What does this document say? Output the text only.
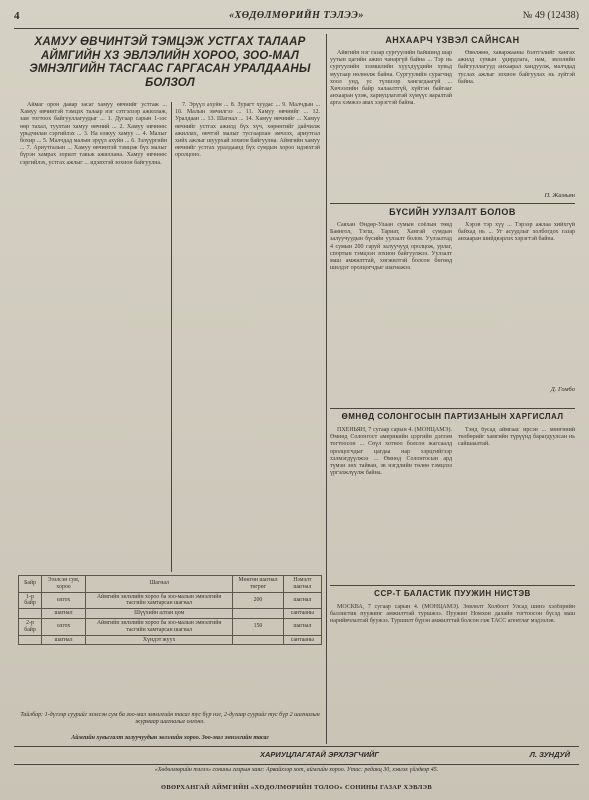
4	«ХӨДӨЛМӨРИЙН ТЭЛЭЭ»	№ 49 (12438)
ХАМУУ ӨВЧИНТЭЙ ТЭМЦЭЖ УСТГАХ ТАЛААР АЙМГИЙН ХЗ ЭВЛЭЛИЙН ХОРОО, ЗОО-МАЛ ЭМНЭЛГИЙН ТАСГААС ГАРГАСАН УРАЛДААНЫ БОЛЗОЛ

Аймаг орон даяар засаг хамуу өвчнийг устгаж ... Хамуу өвчинтэй тэмцэх талаар нэг сэтгэлээр ажиллаж, зам тогтоох байгууллагуудыг ... 1. Дугаар сарын 1-ээс өөр тахал, туултан хамуу өвчний ... 2. Хамуу өвчнөөс урьдчилан сэргийлэх ... 3. На елжуу хамуу ... 4. Малыг бохир ... 5. Малчдад малын эрүүл ахуйн ... 6. Зэлүүргийн ... 7. Ариутгалын ... Хамуу өвчинтэй тэмцэж бүх малыг бүрэн хамрах зорилт тавьж ажиллана. Хамуу өвчнөөс сэргийлэх, устгах ажлыг ... идэвхтэй зохион байгуулна.

7. Эрүүл ахуйн ... 8. Зурагт хуудас ... 9. Малчдын ... 10. Малын эмчилгээ ... 11. Хамуу өвчнийг ... 12. Уралдаан ... 13. Шагнал ... 14. Хамуу өвчнийг ... Хамуу өвчнийг устгах ажилд бүх хүч, хөрөнгийг дайчилж ажиллах, өвчтэй малыг тусгаарлан эмчлэх, ариутгал хийх ажлыг шуурхай зохион байгуулна. Аймгийн хамуу өвчнийг устгах уралдаанд бүх сумдын хороо идэвхтэй оролцоно.

Байр	Эзэлсэн сум, хороо	Шагнал	Мөнгөн шагнал төгрөг	Нэмэлт шагнал
1-р байр	олгох	Аймгийн эвлэлийн хороо ба зоо-малын эмнэлгийн тасгийн хамтарсан шагнал	200	шагнал
	шагнал	Шүүхийн алтан цом		сантааны
2-р байр	олгох	Аймгийн эвлэлийн хороо ба зоо-малын эмнэлгийн тасгийн хамтарсан шагнал	150	шагнал
	шагнал	Хүндэт жуух		сантааны
Тайлбар: 1-дүгээр суурийг эзэлсэн сум ба зоо-мал эмнэлгийн тасаг тус бүр нэг, 2-дугаар суурийг тус бүр 2 шагналын журмаар шагналыг олгоно.
Аймгийн хувьсгалт залуучуудын эвлэлийн хороо. Зоо-мал эмнэлгийн тасаг
АНХААРЧ ҮЗВЭЛ САЙНСАН

Айвгийн нэг газар сургуулийн байшинд шар уутын цагийн ажил чанаргүй байна ... Тэр нь сургуулийн эзэмшлийн хүүхдүүдийн хувьд муугаар нөлөөлж байна. Сургуулийн сурагчид хоол унд, ус түлшээр хангагдаагүй ... Хичээлийн байр халаалтгүй, хүйтэн байгааг анхааран үзэж, хариуцлагатай хүмүүс яаралтай арга хэмжээ авах хэрэгтэй байна.

Өвөлжөө, хаваржааны бэлтгэлийг хангах ажилд сумын удирдлага, нам, эвлэлийн байгууллагууд анхаарал хандуулж, малчдад туслах ажлыг зохион байгуулах нь зүйтэй байна.

П. Жамьян
БҮСИЙН УУЛЗАЛТ БОЛОВ

Саяхан Өндөр-Улаан сумын соёлын төвд Баянгол, Тэгш, Тариат, Хангай сумдын залуучуудын бүсийн уулзалт болов. Уулзалтад 4 сумын 200 гаруй залуучууд оролцож, урлаг, спортын тэмцээн зохион байгуулжээ. Уулзалт маш амжилттай, хөгжилтэй болсон бөгөөд шилдэг оролцогчдыг шагнажээ.

Хэрэв тэр хүү ... Тэрээр ажлаа хийхгүй байхад нь ... Уг асуудлыг холбогдох газар анхааран шийдвэрлэх хэрэгтэй байна.

Д. Гомбо
ӨМНӨД СОЛОНГОСЫН ПАРТИЗАНЫН ХАРГИСЛАЛ

ПХЕНЬЯН, 7 сугаар сарын 4. (МОНЦАМЭ). Өмнөд Солонгост америкийн цэргийн дэглэм тогтоосон ... Сөүл хотноо болсон жагсаалд оролцогчдыг цагдаа нар хэрцгийгээр хэлмэгдүүлжээ ... Өмнөд Солонгосын ард түмэн энх тайван, эв нэгдлийн төлөө тэмцлээ үргэлжлүүлж байна.

Тэнд бусад аймгаас ирсэн ... мөнгөний төлбөрийг хамгийн түрүүнд барагдуулсан нь сайшаалтай.

ССР-Т БАЛАСТИК ПУУЖИН НИСТЭВ

МОСКВА, 7 сугаар сарын 4. (МОНЦАМЭ). Зөвлөлт Холбоот Улсад шинэ хэлбэрийн баллистик пуужинг амжилттай туршжээ. Пуужин Номхон далайн тогтоосон бүсэд маш нарийвчлалтай буужээ. Туршилт бүрэн амжилттай болсон гэж ТАСС агентлаг мэдээлэв.

ХАРИУЦЛАГАТАЙ ЭРХЛЭГЧИЙГ	Л. ЗУНДУЙ
«Хөдөлмөрийн тэлээ» сонины газрын хаяг: Арвайхээр хот, аймгийн хороо. Утас: редакц 30, хэвлэх үйлдвэр 45.
ӨВӨРХАНГАЙ АЙМГИЙН «ХӨДӨЛМӨРИЙН ТОЛОО» СОНИНЫ ГАЗАР ХЭВЛЭВ
